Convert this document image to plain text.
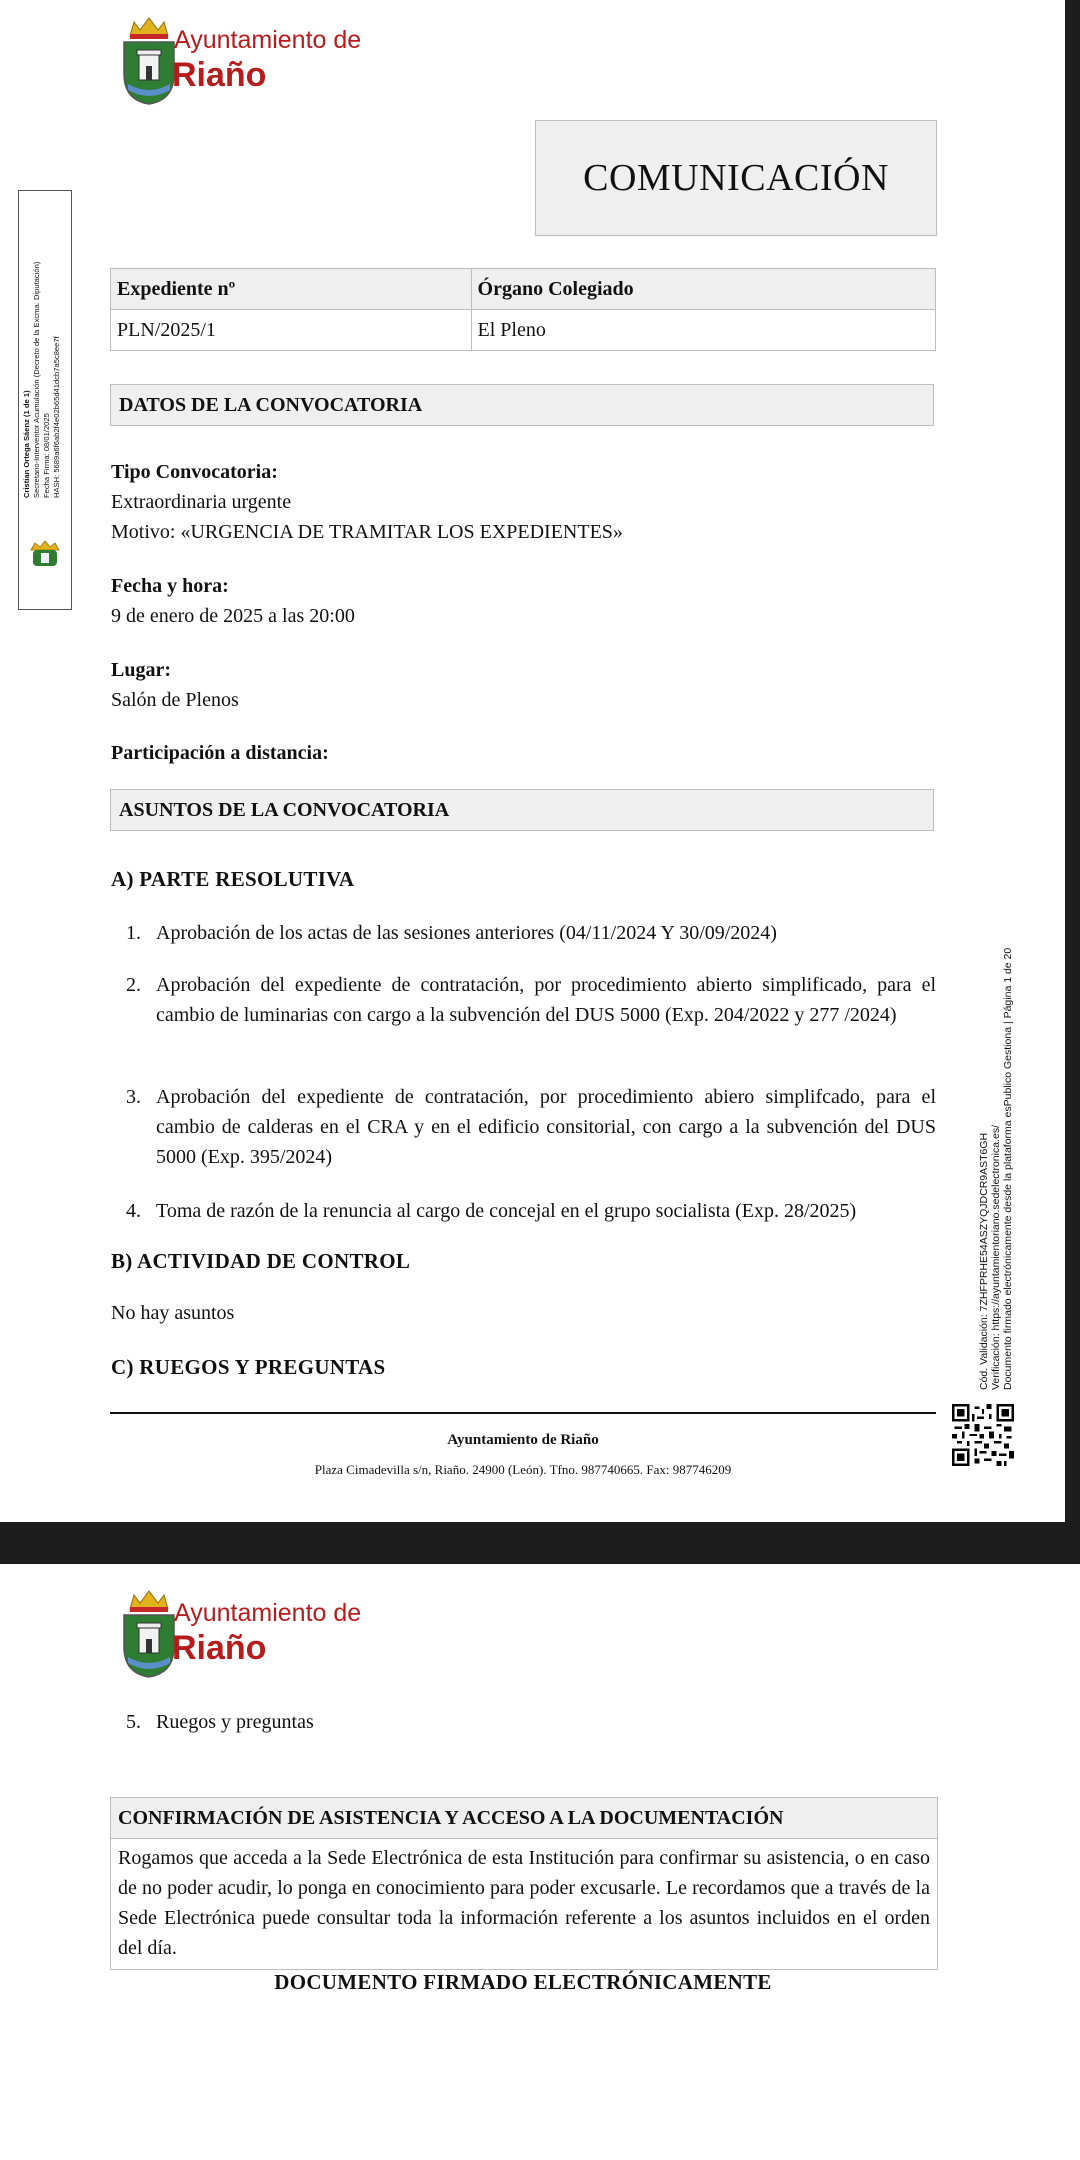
Ayuntamiento de
Riaño
COMUNICACIÓN
Expediente nº	Órgano Colegiado
PLN/2025/1	El Pleno
DATOS DE LA CONVOCATORIA
Tipo Convocatoria:
Extraordinaria urgente
Motivo: «URGENCIA DE TRAMITAR LOS EXPEDIENTES»
Fecha y hora:
9 de enero de 2025 a las 20:00
Lugar:
Salón de Plenos
Participación a distancia:
ASUNTOS DE LA CONVOCATORIA
A) PARTE RESOLUTIVA
1. Aprobación de los actas de las sesiones anteriores (04/11/2024 Y 30/09/2024)
2. Aprobación del expediente de contratación, por procedimiento abierto simplificado, para el cambio de luminarias con cargo a la subvención del DUS 5000 (Exp. 204/2022 y 277 /2024)
3. Aprobación del expediente de contratación, por procedimiento abiero simplifcado, para el cambio de calderas en el CRA y en el edificio consitorial, con cargo a la subvención del DUS 5000 (Exp. 395/2024)
4. Toma de razón de la renuncia al cargo de concejal en el grupo socialista (Exp. 28/2025)
B) ACTIVIDAD DE CONTROL
No hay asuntos
C) RUEGOS Y PREGUNTAS
Cristian Ortega Sáenz (1 de 1) Secretario-Interventor Acumulación (Decreto de la Excma. Diputación) Fecha Firma: 08/01/2025 HASH: 5689a6f6ab2f4e02b65d41dcb7a5c8ee7f
Cód. Validación: 7ZHFPRHE54ASZYQJDCR9AST6GH Verificación: https://ayuntamientoriano.sedelectronica.es/ Documento firmado electrónicamente desde la plataforma esPublico Gestiona | Página 1 de 20
Ayuntamiento de Riaño
Plaza Cimadevilla s/n, Riaño. 24900 (León). Tfno. 987740665. Fax: 987746209
Ayuntamiento de
Riaño
5. Ruegos y preguntas
CONFIRMACIÓN DE ASISTENCIA Y ACCESO A LA DOCUMENTACIÓN
Rogamos que acceda a la Sede Electrónica de esta Institución para confirmar su asistencia, o en caso de no poder acudir, lo ponga en conocimiento para poder excusarle. Le recordamos que a través de la Sede Electrónica puede consultar toda la información referente a los asuntos incluidos en el orden del día.
DOCUMENTO FIRMADO ELECTRÓNICAMENTE
